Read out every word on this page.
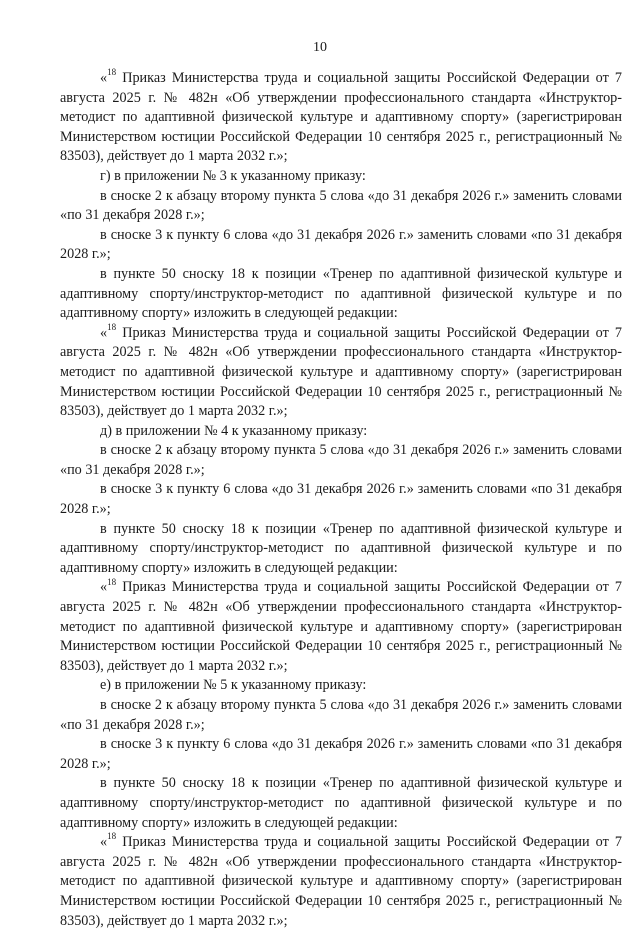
10

«$^{18}$ Приказ Министерства труда и социальной защиты Российской Федерации от 7 августа 2025 г. № 482н «Об утверждении профессионального стандарта «Инструктор-методист по адаптивной физической культуре и адаптивному спорту» (зарегистрирован Министерством юстиции Российской Федерации 10 сентября 2025 г., регистрационный № 83503), действует до 1 марта 2032 г.»;

г) в приложении № 3 к указанному приказу:

в сноске 2 к абзацу второму пункта 5 слова «до 31 декабря 2026 г.» заменить словами «по 31 декабря 2028 г.»;

в сноске 3 к пункту 6 слова «до 31 декабря 2026 г.» заменить словами «по 31 декабря 2028 г.»;

в пункте 50 сноску 18 к позиции «Тренер по адаптивной физической культуре и адаптивному спорту/инструктор-методист по адаптивной физической культуре и по адаптивному спорту» изложить в следующей редакции:

«$^{18}$ Приказ Министерства труда и социальной защиты Российской Федерации от 7 августа 2025 г. № 482н «Об утверждении профессионального стандарта «Инструктор-методист по адаптивной физической культуре и адаптивному спорту» (зарегистрирован Министерством юстиции Российской Федерации 10 сентября 2025 г., регистрационный № 83503), действует до 1 марта 2032 г.»;

д) в приложении № 4 к указанному приказу:

в сноске 2 к абзацу второму пункта 5 слова «до 31 декабря 2026 г.» заменить словами «по 31 декабря 2028 г.»;

в сноске 3 к пункту 6 слова «до 31 декабря 2026 г.» заменить словами «по 31 декабря 2028 г.»;

в пункте 50 сноску 18 к позиции «Тренер по адаптивной физической культуре и адаптивному спорту/инструктор-методист по адаптивной физической культуре и по адаптивному спорту» изложить в следующей редакции:

«$^{18}$ Приказ Министерства труда и социальной защиты Российской Федерации от 7 августа 2025 г. № 482н «Об утверждении профессионального стандарта «Инструктор-методист по адаптивной физической культуре и адаптивному спорту» (зарегистрирован Министерством юстиции Российской Федерации 10 сентября 2025 г., регистрационный № 83503), действует до 1 марта 2032 г.»;

е) в приложении № 5 к указанному приказу:

в сноске 2 к абзацу второму пункта 5 слова «до 31 декабря 2026 г.» заменить словами «по 31 декабря 2028 г.»;

в сноске 3 к пункту 6 слова «до 31 декабря 2026 г.» заменить словами «по 31 декабря 2028 г.»;

в пункте 50 сноску 18 к позиции «Тренер по адаптивной физической культуре и адаптивному спорту/инструктор-методист по адаптивной физической культуре и по адаптивному спорту» изложить в следующей редакции:

«$^{18}$ Приказ Министерства труда и социальной защиты Российской Федерации от 7 августа 2025 г. № 482н «Об утверждении профессионального стандарта «Инструктор-методист по адаптивной физической культуре и адаптивному спорту» (зарегистрирован Министерством юстиции Российской Федерации 10 сентября 2025 г., регистрационный № 83503), действует до 1 марта 2032 г.»;
